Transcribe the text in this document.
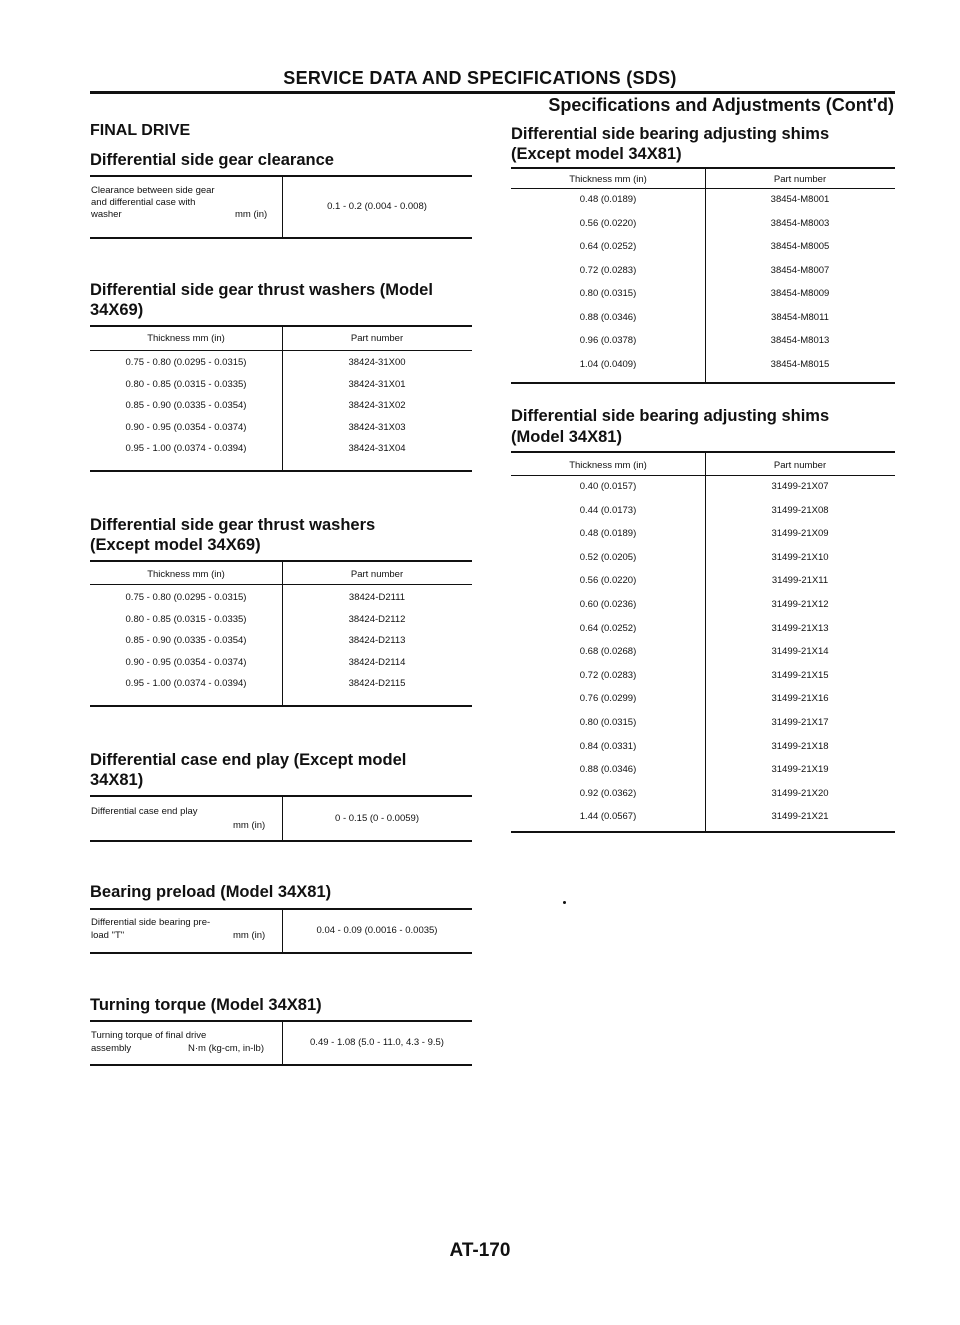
SERVICE DATA AND SPECIFICATIONS (SDS)
Specifications and Adjustments (Cont'd)
FINAL DRIVE
Differential side gear clearance
Clearance between side gear
and differential case with
washer	mm (in)
0.1 - 0.2 (0.004 - 0.008)
Differential side gear thrust washers (Model
34X69)
Thickness mm (in)	Part number
0.75 - 0.80 (0.0295 - 0.0315)	38424-31X00
0.80 - 0.85 (0.0315 - 0.0335)	38424-31X01
0.85 - 0.90 (0.0335 - 0.0354)	38424-31X02
0.90 - 0.95 (0.0354 - 0.0374)	38424-31X03
0.95 - 1.00 (0.0374 - 0.0394)	38424-31X04
Differential side gear thrust washers
(Except model 34X69)
Thickness mm (in)	Part number
0.75 - 0.80 (0.0295 - 0.0315)	38424-D2111
0.80 - 0.85 (0.0315 - 0.0335)	38424-D2112
0.85 - 0.90 (0.0335 - 0.0354)	38424-D2113
0.90 - 0.95 (0.0354 - 0.0374)	38424-D2114
0.95 - 1.00 (0.0374 - 0.0394)	38424-D2115
Differential case end play (Except model
34X81)
Differential case end play
mm (in)
0 - 0.15 (0 - 0.0059)
Bearing preload (Model 34X81)
Differential side bearing pre-
load "T"	mm (in)	0.04 - 0.09 (0.0016 - 0.0035)
Turning torque (Model 34X81)
Turning torque of final drive
assembly	N·m (kg-cm, in-lb)
0.49 - 1.08 (5.0 - 11.0, 4.3 - 9.5)
Differential side bearing adjusting shims
(Except model 34X81)
Thickness mm (in)	Part number
0.48 (0.0189)	38454-M8001
0.56 (0.0220)	38454-M8003
0.64 (0.0252)	38454-M8005
0.72 (0.0283)	38454-M8007
0.80 (0.0315)	38454-M8009
0.88 (0.0346)	38454-M8011
0.96 (0.0378)	38454-M8013
1.04 (0.0409)	38454-M8015
Differential side bearing adjusting shims
(Model 34X81)
Thickness mm (in)	Part number
0.40 (0.0157)	31499-21X07
0.44 (0.0173)	31499-21X08
0.48 (0.0189)	31499-21X09
0.52 (0.0205)	31499-21X10
0.56 (0.0220)	31499-21X11
0.60 (0.0236)	31499-21X12
0.64 (0.0252)	31499-21X13
0.68 (0.0268)	31499-21X14
0.72 (0.0283)	31499-21X15
0.76 (0.0299)	31499-21X16
0.80 (0.0315)	31499-21X17
0.84 (0.0331)	31499-21X18
0.88 (0.0346)	31499-21X19
0.92 (0.0362)	31499-21X20
1.44 (0.0567)	31499-21X21
AT-170
